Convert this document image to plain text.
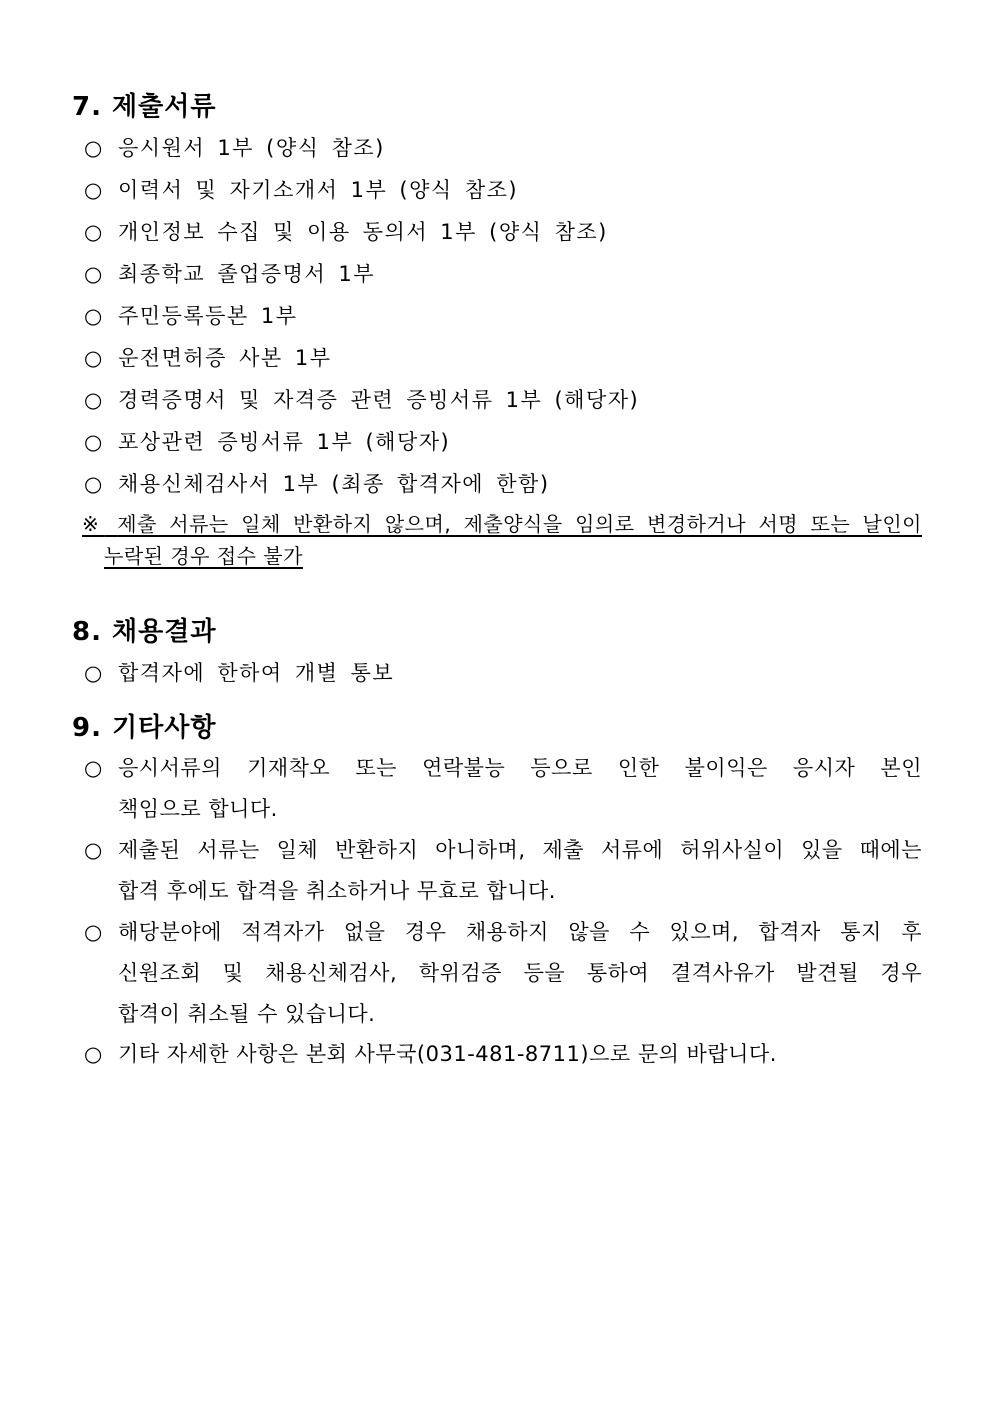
7. 제출서류

○ 응시원서 1부 (양식 참조)

○ 이력서 및 자기소개서 1부 (양식 참조)

○ 개인정보 수집 및 이용 동의서 1부 (양식 참조)

○ 최종학교 졸업증명서 1부

○ 주민등록등본 1부

○ 운전면허증 사본 1부

○ 경력증명서 및 자격증 관련 증빙서류 1부 (해당자)

○ 포상관련 증빙서류 1부 (해당자)

○ 채용신체검사서 1부 (최종 합격자에 한함)

※ 제출 서류는 일체 반환하지 않으며, 제출양식을 임의로 변경하거나 서명 또는 날인이
누락된 경우 접수 불가
8. 채용결과

○ 합격자에 한하여 개별 통보

9. 기타사항
○ 응시서류의 기재착오 또는 연락불능 등으로 인한 불이익은 응시자 본인
책임으로 합니다.
○ 제출된 서류는 일체 반환하지 아니하며, 제출 서류에 허위사실이 있을 때에는
합격 후에도 합격을 취소하거나 무효로 합니다.
○ 해당분야에 적격자가 없을 경우 채용하지 않을 수 있으며, 합격자 통지 후
신원조회 및 채용신체검사, 학위검증 등을 통하여 결격사유가 발견될 경우
합격이 취소될 수 있습니다.
○ 기타 자세한 사항은 본회 사무국(031-481-8711)으로 문의 바랍니다.
